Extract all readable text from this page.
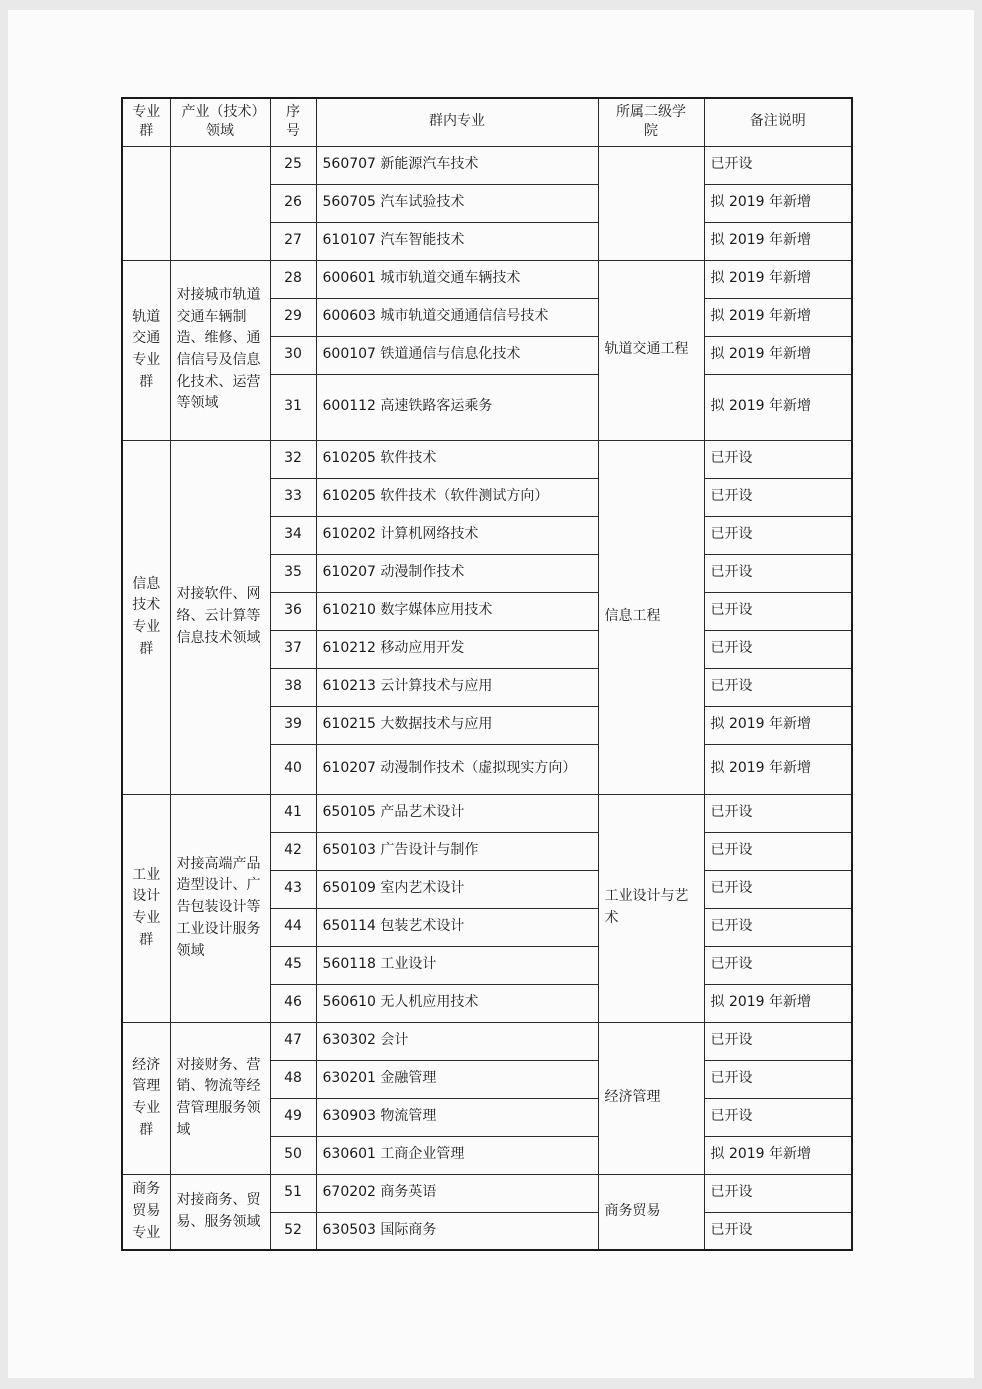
专业群	产业（技术）领域	序号	群内专业	所属二级学院	备注说明
		25	560707 新能源汽车技术		已开设
		26	560705 汽车试验技术		拟 2019 年新增
		27	610107 汽车智能技术		拟 2019 年新增
轨道交通专业群	对接城市轨道交通车辆制造、维修、通信信号及信息化技术、运营等领域	28	600601 城市轨道交通车辆技术	轨道交通工程	拟 2019 年新增
		29	600603 城市轨道交通通信信号技术		拟 2019 年新增
		30	600107 铁道通信与信息化技术		拟 2019 年新增
		31	600112 高速铁路客运乘务		拟 2019 年新增
信息技术专业群	对接软件、网络、云计算等信息技术领域	32	610205 软件技术	信息工程	已开设
		33	610205 软件技术（软件测试方向）		已开设
		34	610202 计算机网络技术		已开设
		35	610207 动漫制作技术		已开设
		36	610210 数字媒体应用技术		已开设
		37	610212 移动应用开发		已开设
		38	610213 云计算技术与应用		已开设
		39	610215 大数据技术与应用		拟 2019 年新增
		40	610207 动漫制作技术（虚拟现实方向）		拟 2019 年新增
工业设计专业群	对接高端产品造型设计、广告包装设计等工业设计服务领域	41	650105 产品艺术设计	工业设计与艺术	已开设
		42	650103 广告设计与制作		已开设
		43	650109 室内艺术设计		已开设
		44	650114 包装艺术设计		已开设
		45	560118 工业设计		已开设
		46	560610 无人机应用技术		拟 2019 年新增
经济管理专业群	对接财务、营销、物流等经营管理服务领域	47	630302 会计	经济管理	已开设
		48	630201 金融管理		已开设
		49	630903 物流管理		已开设
		50	630601 工商企业管理		拟 2019 年新增
商务贸易专业	对接商务、贸易、服务领域	51	670202 商务英语	商务贸易	已开设
		52	630503 国际商务		已开设
